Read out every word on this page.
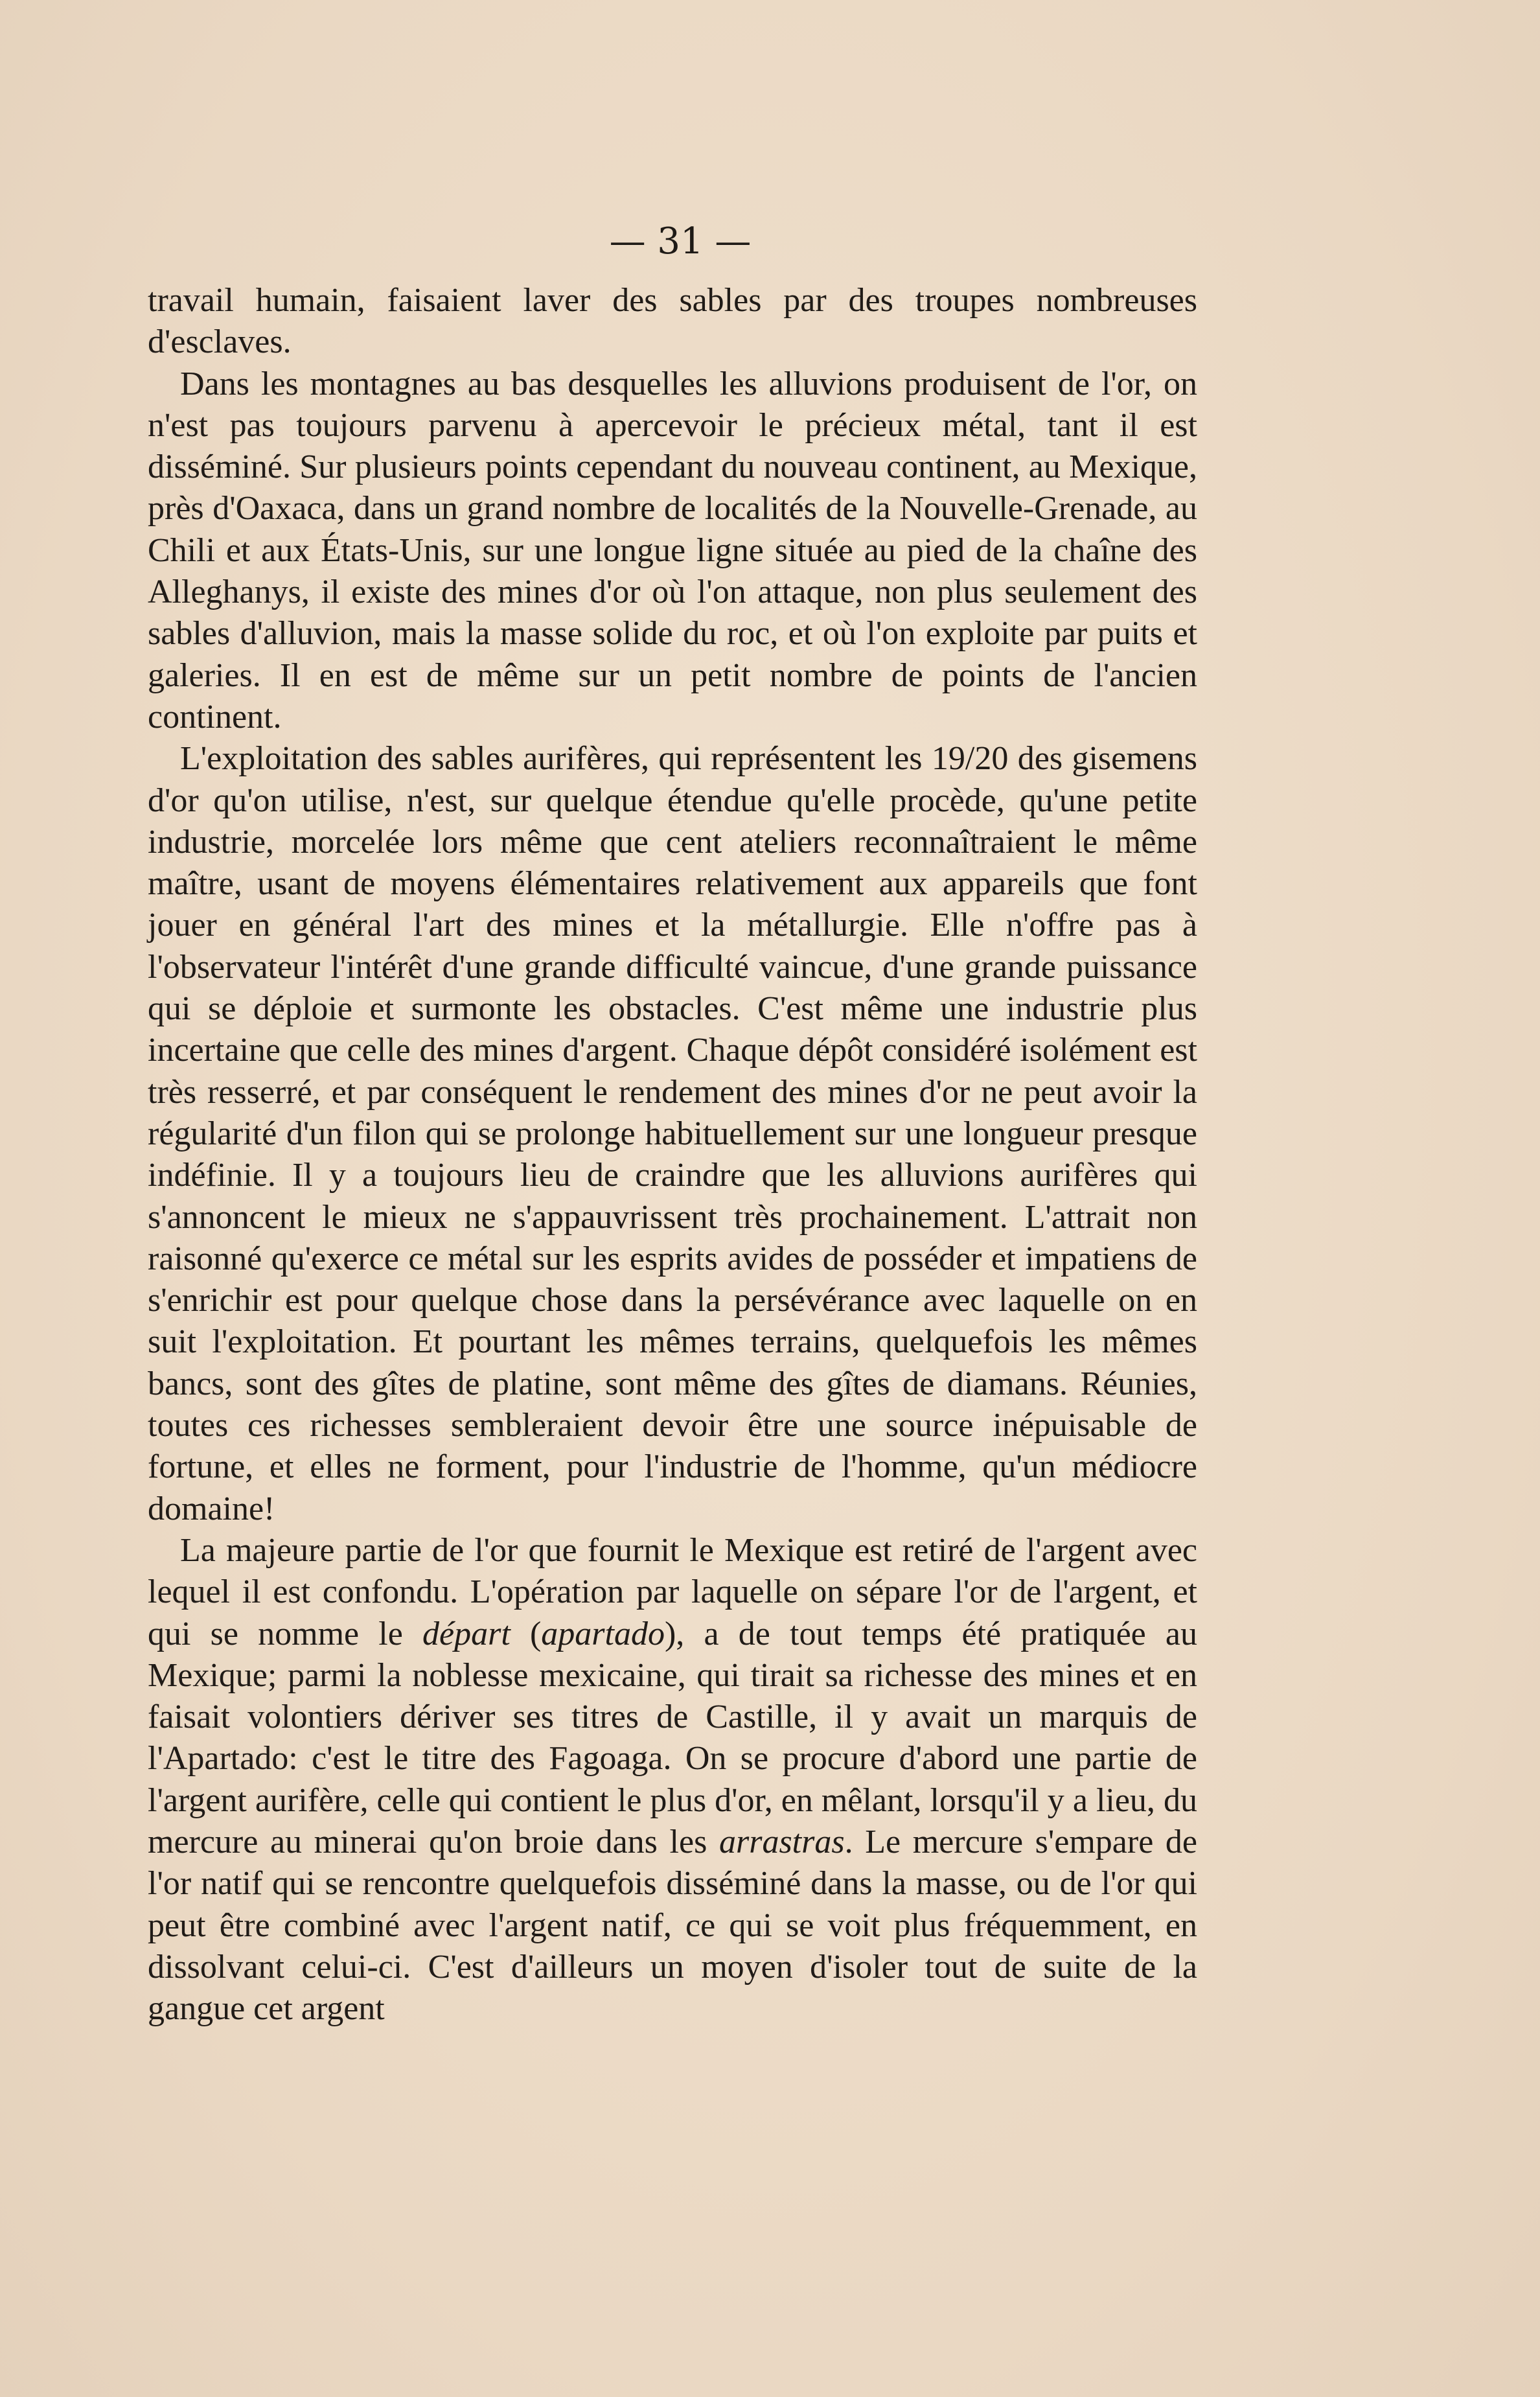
— 31 —

travail humain, faisaient laver des sables par des troupes nombreuses d'esclaves.

Dans les montagnes au bas desquelles les alluvions produisent de l'or, on n'est pas toujours parvenu à apercevoir le précieux métal, tant il est disséminé. Sur plusieurs points cependant du nouveau continent, au Mexique, près d'Oaxaca, dans un grand nombre de localités de la Nouvelle-Grenade, au Chili et aux États-Unis, sur une longue ligne située au pied de la chaîne des Alleghanys, il existe des mines d'or où l'on attaque, non plus seulement des sables d'alluvion, mais la masse solide du roc, et où l'on exploite par puits et galeries. Il en est de même sur un petit nombre de points de l'ancien continent.

L'exploitation des sables aurifères, qui représentent les 19/20 des gisemens d'or qu'on utilise, n'est, sur quelque étendue qu'elle procède, qu'une petite industrie, morcelée lors même que cent ateliers reconnaîtraient le même maître, usant de moyens élémentaires relativement aux appareils que font jouer en général l'art des mines et la métallurgie. Elle n'offre pas à l'observateur l'intérêt d'une grande difficulté vaincue, d'une grande puissance qui se déploie et surmonte les obstacles. C'est même une industrie plus incertaine que celle des mines d'argent. Chaque dépôt considéré isolément est très resserré, et par conséquent le rendement des mines d'or ne peut avoir la régularité d'un filon qui se prolonge habituellement sur une longueur presque indéfinie. Il y a toujours lieu de craindre que les alluvions aurifères qui s'annoncent le mieux ne s'appauvrissent très prochainement. L'attrait non raisonné qu'exerce ce métal sur les esprits avides de posséder et impatiens de s'enrichir est pour quelque chose dans la persévérance avec laquelle on en suit l'exploitation. Et pourtant les mêmes terrains, quelquefois les mêmes bancs, sont des gîtes de platine, sont même des gîtes de diamans. Réunies, toutes ces richesses sembleraient devoir être une source inépuisable de fortune, et elles ne forment, pour l'industrie de l'homme, qu'un médiocre domaine!

La majeure partie de l'or que fournit le Mexique est retiré de l'argent avec lequel il est confondu. L'opération par laquelle on sépare l'or de l'argent, et qui se nomme le départ (apartado), a de tout temps été pratiquée au Mexique; parmi la noblesse mexicaine, qui tirait sa richesse des mines et en faisait volontiers dériver ses titres de Castille, il y avait un marquis de l'Apartado: c'est le titre des Fagoaga. On se procure d'abord une partie de l'argent aurifère, celle qui contient le plus d'or, en mêlant, lorsqu'il y a lieu, du mercure au minerai qu'on broie dans les arrastras. Le mercure s'empare de l'or natif qui se rencontre quelquefois disséminé dans la masse, ou de l'or qui peut être combiné avec l'argent natif, ce qui se voit plus fréquemment, en dissolvant celui-ci. C'est d'ailleurs un moyen d'isoler tout de suite de la gangue cet argent
